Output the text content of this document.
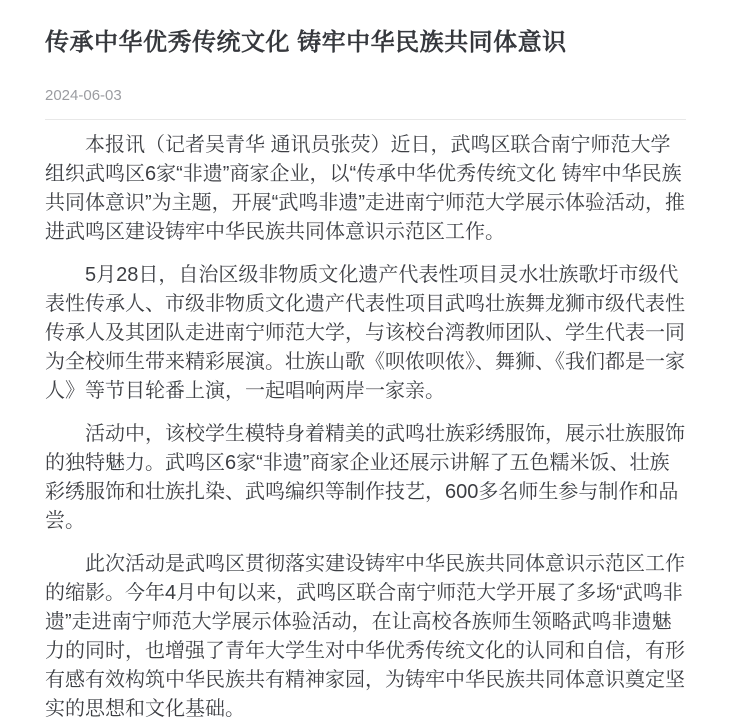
传承中华优秀传统文化 铸牢中华民族共同体意识
2024-06-03

本报讯（记者吴青华 通讯员张荧）近日，武鸣区联合南宁师范大学组织武鸣区6家“非遗”商家企业，以“传承中华优秀传统文化 铸牢中华民族共同体意识”为主题，开展“武鸣非遗”走进南宁师范大学展示体验活动，推进武鸣区建设铸牢中华民族共同体意识示范区工作。

5月28日，自治区级非物质文化遗产代表性项目灵水壮族歌圩市级代表性传承人、市级非物质文化遗产代表性项目武鸣壮族舞龙狮市级代表性传承人及其团队走进南宁师范大学，与该校台湾教师团队、学生代表一同为全校师生带来精彩展演。壮族山歌《呗侬呗侬》、舞狮、《我们都是一家人》等节目轮番上演，一起唱响两岸一家亲。

活动中，该校学生模特身着精美的武鸣壮族彩绣服饰，展示壮族服饰的独特魅力。武鸣区6家“非遗”商家企业还展示讲解了五色糯米饭、壮族彩绣服饰和壮族扎染、武鸣编织等制作技艺，600多名师生参与制作和品尝。

此次活动是武鸣区贯彻落实建设铸牢中华民族共同体意识示范区工作的缩影。今年4月中旬以来，武鸣区联合南宁师范大学开展了多场“武鸣非遗”走进南宁师范大学展示体验活动，在让高校各族师生领略武鸣非遗魅力的同时，也增强了青年大学生对中华优秀传统文化的认同和自信，有形有感有效构筑中华民族共有精神家园，为铸牢中华民族共同体意识奠定坚实的思想和文化基础。
